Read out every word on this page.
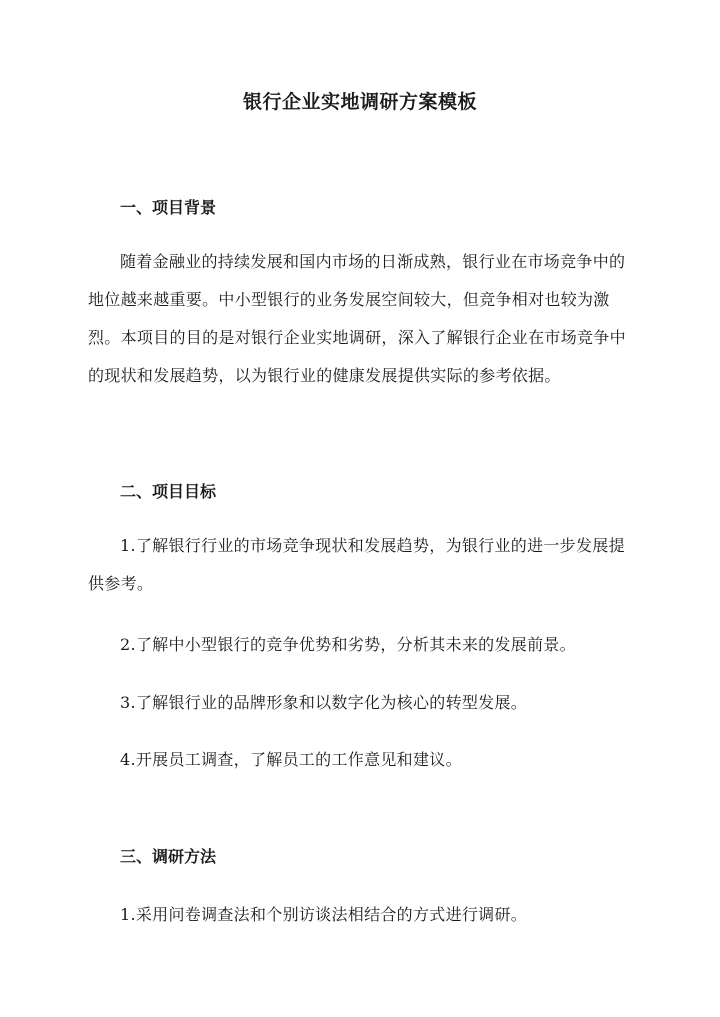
银行企业实地调研方案模板
一、项目背景

随着金融业的持续发展和国内市场的日渐成熟，银行业在市场竞争中的地位越来越重要。中小型银行的业务发展空间较大，但竞争相对也较为激烈。本项目的目的是对银行企业实地调研，深入了解银行企业在市场竞争中的现状和发展趋势，以为银行业的健康发展提供实际的参考依据。

二、项目目标

1.了解银行行业的市场竞争现状和发展趋势，为银行业的进一步发展提供参考。

2.了解中小型银行的竞争优势和劣势，分析其未来的发展前景。

3.了解银行业的品牌形象和以数字化为核心的转型发展。

4.开展员工调查，了解员工的工作意见和建议。

三、调研方法

1.采用问卷调查法和个别访谈法相结合的方式进行调研。
